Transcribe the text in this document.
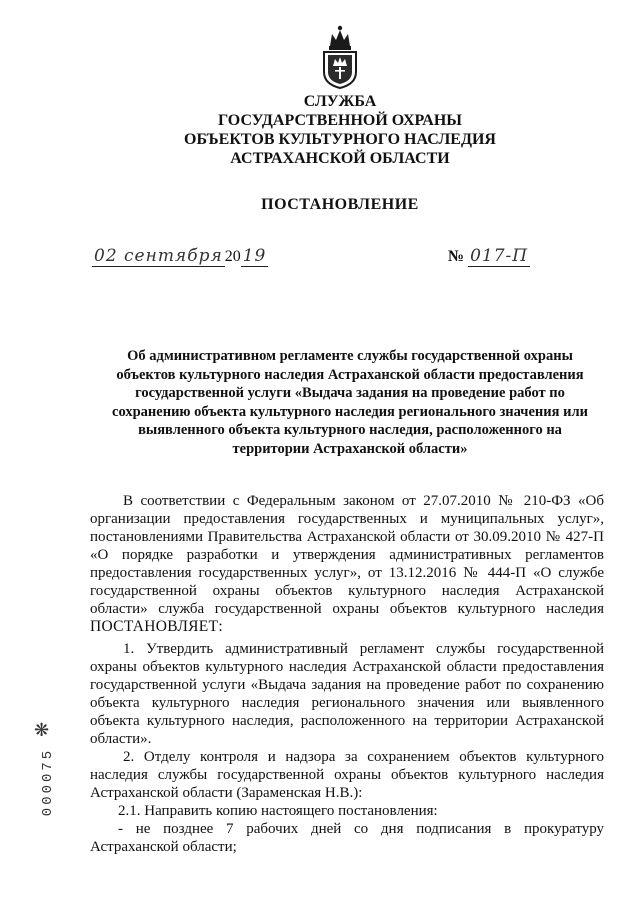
СЛУЖБА
ГОСУДАРСТВЕННОЙ ОХРАНЫ
ОБЪЕКТОВ КУЛЬТУРНОГО НАСЛЕДИЯ
АСТРАХАНСКОЙ ОБЛАСТИ
ПОСТАНОВЛЕНИЕ
02 сентября 20 19	№ 017-П
Об административном регламенте службы государственной охраны
объектов культурного наследия Астраханской области предоставления
государственной услуги «Выдача задания на проведение работ по
сохранению объекта культурного наследия регионального значения или
выявленного объекта культурного наследия, расположенного на
территории Астраханской области»
В соответствии с Федеральным законом от 27.07.2010 № 210-ФЗ «Об
организации предоставления государственных и муниципальных услуг»,
постановлениями Правительства Астраханской области от 30.09.2010 № 427-П
«О порядке разработки и утверждения административных регламентов
предоставления государственных услуг», от 13.12.2016 № 444-П «О службе
государственной охраны объектов культурного наследия Астраханской
области» служба государственной охраны объектов культурного наследия
ПОСТАНОВЛЯЕТ:
1. Утвердить административный регламент службы государственной
охраны объектов культурного наследия Астраханской области предоставления
государственной услуги «Выдача задания на проведение работ по сохранению
объекта культурного наследия регионального значения или выявленного
объекта культурного наследия, расположенного на территории Астраханской
области».
2. Отделу контроля и надзора за сохранением объектов культурного
наследия службы государственной охраны объектов культурного наследия
Астраханской области (Зараменская Н.В.):
2.1. Направить копию настоящего постановления:
- не позднее 7 рабочих дней со дня подписания в прокуратуру
Астраханской области;
❋
000075
